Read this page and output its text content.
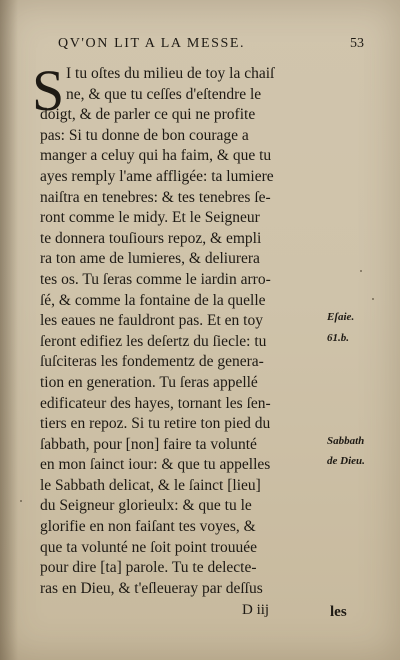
QV'ON LIT A LA MESSE.	53
S I tu oſtes du milieu de toy la chaiſ
ne, & que tu ceſſes d'eſtendre le
doigt, & de parler ce qui ne profite
pas: Si tu donne de bon courage a
manger a celuy qui ha faim, & que tu
ayes remply l'ame affligée: ta lumiere
naiſtra en tenebres: & tes tenebres ſe-
ront comme le midy. Et le Seigneur
te donnera touſiours repoz, & empli
ra ton ame de lumieres, & deliurera
tes os. Tu ſeras comme le iardin arro-
ſé, & comme la fontaine de la quelle
les eaues ne fauldront pas. Et en toy
ſeront edifiez les deſertz du ſiecle: tu
ſuſciteras les fondementz de genera-
tion en generation. Tu ſeras appellé
edificateur des hayes, tornant les ſen-
tiers en repoz. Si tu retire ton pied du
ſabbath, pour [non] faire ta volunté
en mon ſainct iour: & que tu appelles
le Sabbath delicat, & le ſainct [lieu]
du Seigneur glorieulx: & que tu le
glorifie en non faiſant tes voyes, &
que ta volunté ne ſoit point trouuée
pour dire [ta] parole. Tu te delecte-
ras en Dieu, & t'eſleueray par deſſus
Eſaie.
61.b.
Sabbath
de Dieu.
D iij	les
